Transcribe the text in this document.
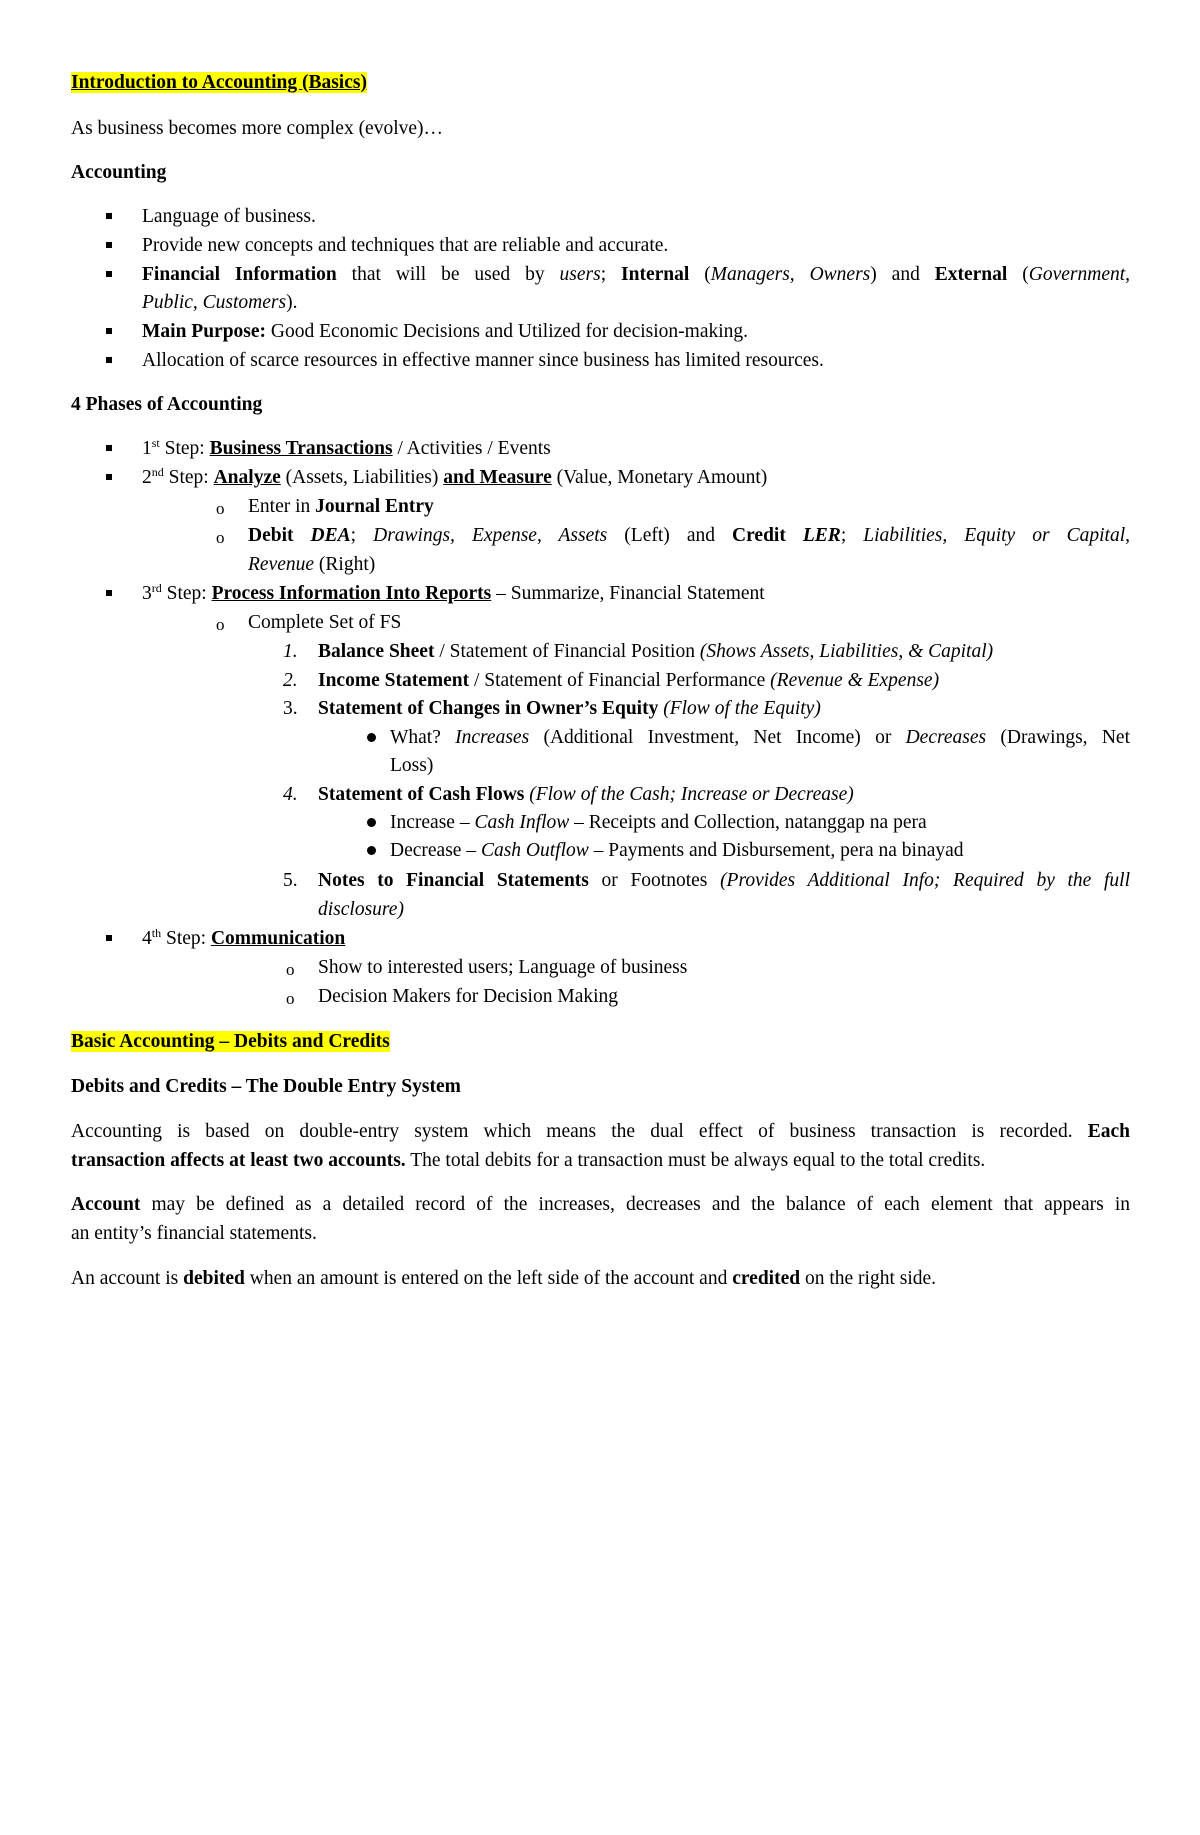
Introduction to Accounting (Basics)
As business becomes more complex (evolve)…
Accounting
Language of business.
Provide new concepts and techniques that are reliable and accurate.
Financial Information that will be used by users; Internal (Managers, Owners) and External (Government,
Public, Customers).
Main Purpose: Good Economic Decisions and Utilized for decision-making.
Allocation of scarce resources in effective manner since business has limited resources.
4 Phases of Accounting
1st Step: Business Transactions / Activities / Events
2nd Step: Analyze (Assets, Liabilities) and Measure (Value, Monetary Amount)
o Enter in Journal Entry
o Debit DEA; Drawings, Expense, Assets (Left) and Credit LER; Liabilities, Equity or Capital,
Revenue (Right)
3rd Step: Process Information Into Reports – Summarize, Financial Statement
o Complete Set of FS
1. Balance Sheet / Statement of Financial Position (Shows Assets, Liabilities, & Capital)
2. Income Statement / Statement of Financial Performance (Revenue & Expense)
3. Statement of Changes in Owner’s Equity (Flow of the Equity)
What? Increases (Additional Investment, Net Income) or Decreases (Drawings, Net
Loss)
4. Statement of Cash Flows (Flow of the Cash; Increase or Decrease)
Increase – Cash Inflow – Receipts and Collection, natanggap na pera
Decrease – Cash Outflow – Payments and Disbursement, pera na binayad
5. Notes to Financial Statements or Footnotes (Provides Additional Info; Required by the full
disclosure)
4th Step: Communication
o Show to interested users; Language of business
o Decision Makers for Decision Making
Basic Accounting – Debits and Credits
Debits and Credits – The Double Entry System
Accounting is based on double-entry system which means the dual effect of business transaction is recorded. Each
transaction affects at least two accounts. The total debits for a transaction must be always equal to the total credits.
Account may be defined as a detailed record of the increases, decreases and the balance of each element that appears in
an entity’s financial statements.
An account is debited when an amount is entered on the left side of the account and credited on the right side.
